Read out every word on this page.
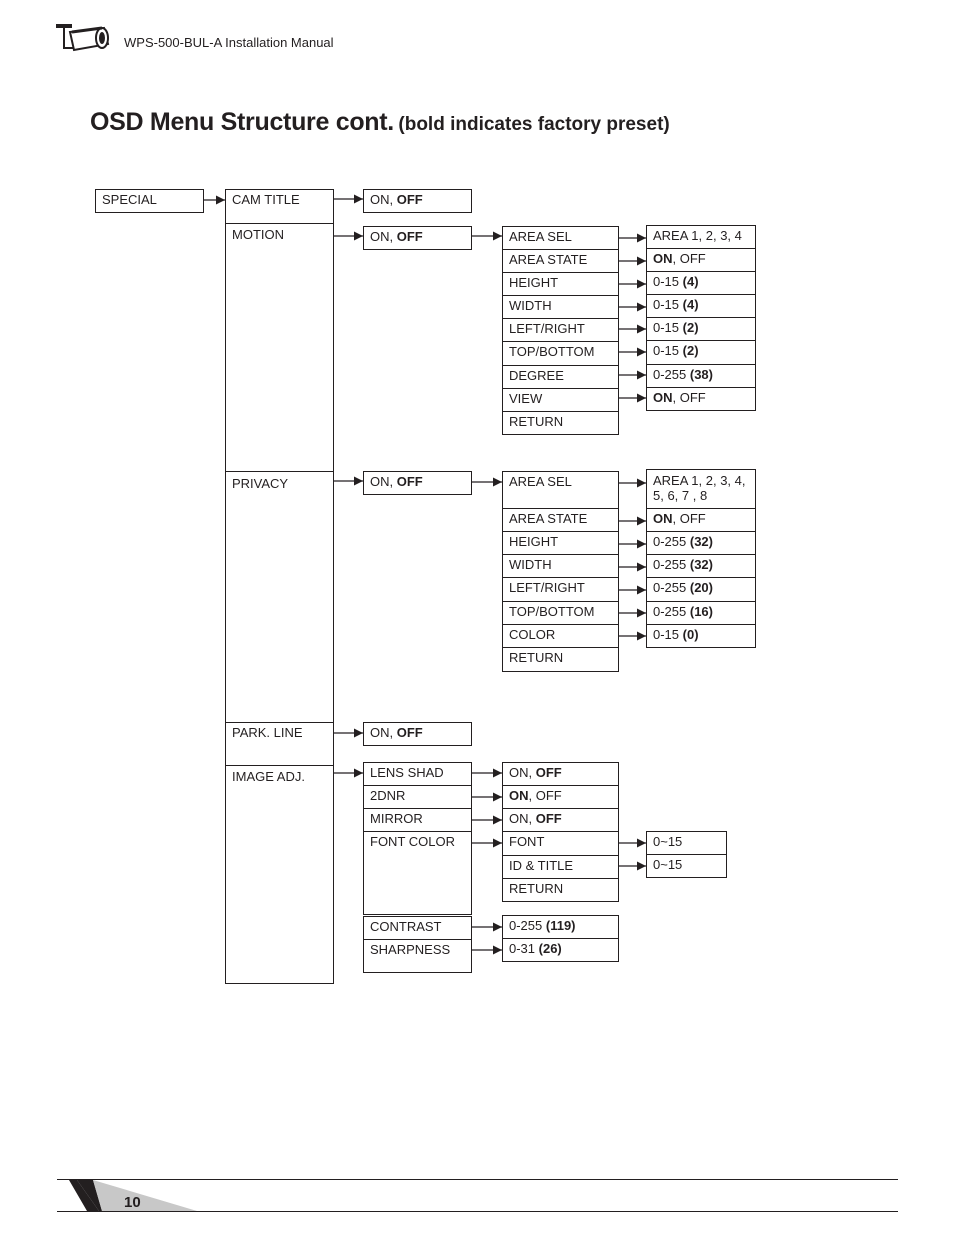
WPS-500-BUL-A Installation Manual
OSD Menu Structure cont. (bold indicates factory preset)
SPECIAL	CAM TITLE
MOTION
PRIVACY
PARK. LINE
IMAGE ADJ.
ON, OFF
ON, OFF
ON, OFF
ON, OFF
AREA SEL
AREA STATE
HEIGHT
WIDTH
LEFT/RIGHT
TOP/BOTTOM
DEGREE
VIEW
RETURN
AREA 1, 2, 3, 4
ON, OFF
0-15 (4)
0-15 (4)
0-15 (2)
0-15 (2)
0-255 (38)
ON, OFF
AREA SEL
AREA STATE
HEIGHT
WIDTH
LEFT/RIGHT
TOP/BOTTOM
COLOR
RETURN
AREA 1, 2, 3, 4, 5, 6, 7 , 8
ON, OFF
0-255 (32)
0-255 (32)
0-255 (20)
0-255 (16)
0-15 (0)
LENS SHAD
2DNR
MIRROR
FONT COLOR
CONTRAST
SHARPNESS
ON, OFF
ON, OFF
ON, OFF
FONT
ID & TITLE
RETURN
0-255 (119)
0-31 (26)
0~15
0~15
10
